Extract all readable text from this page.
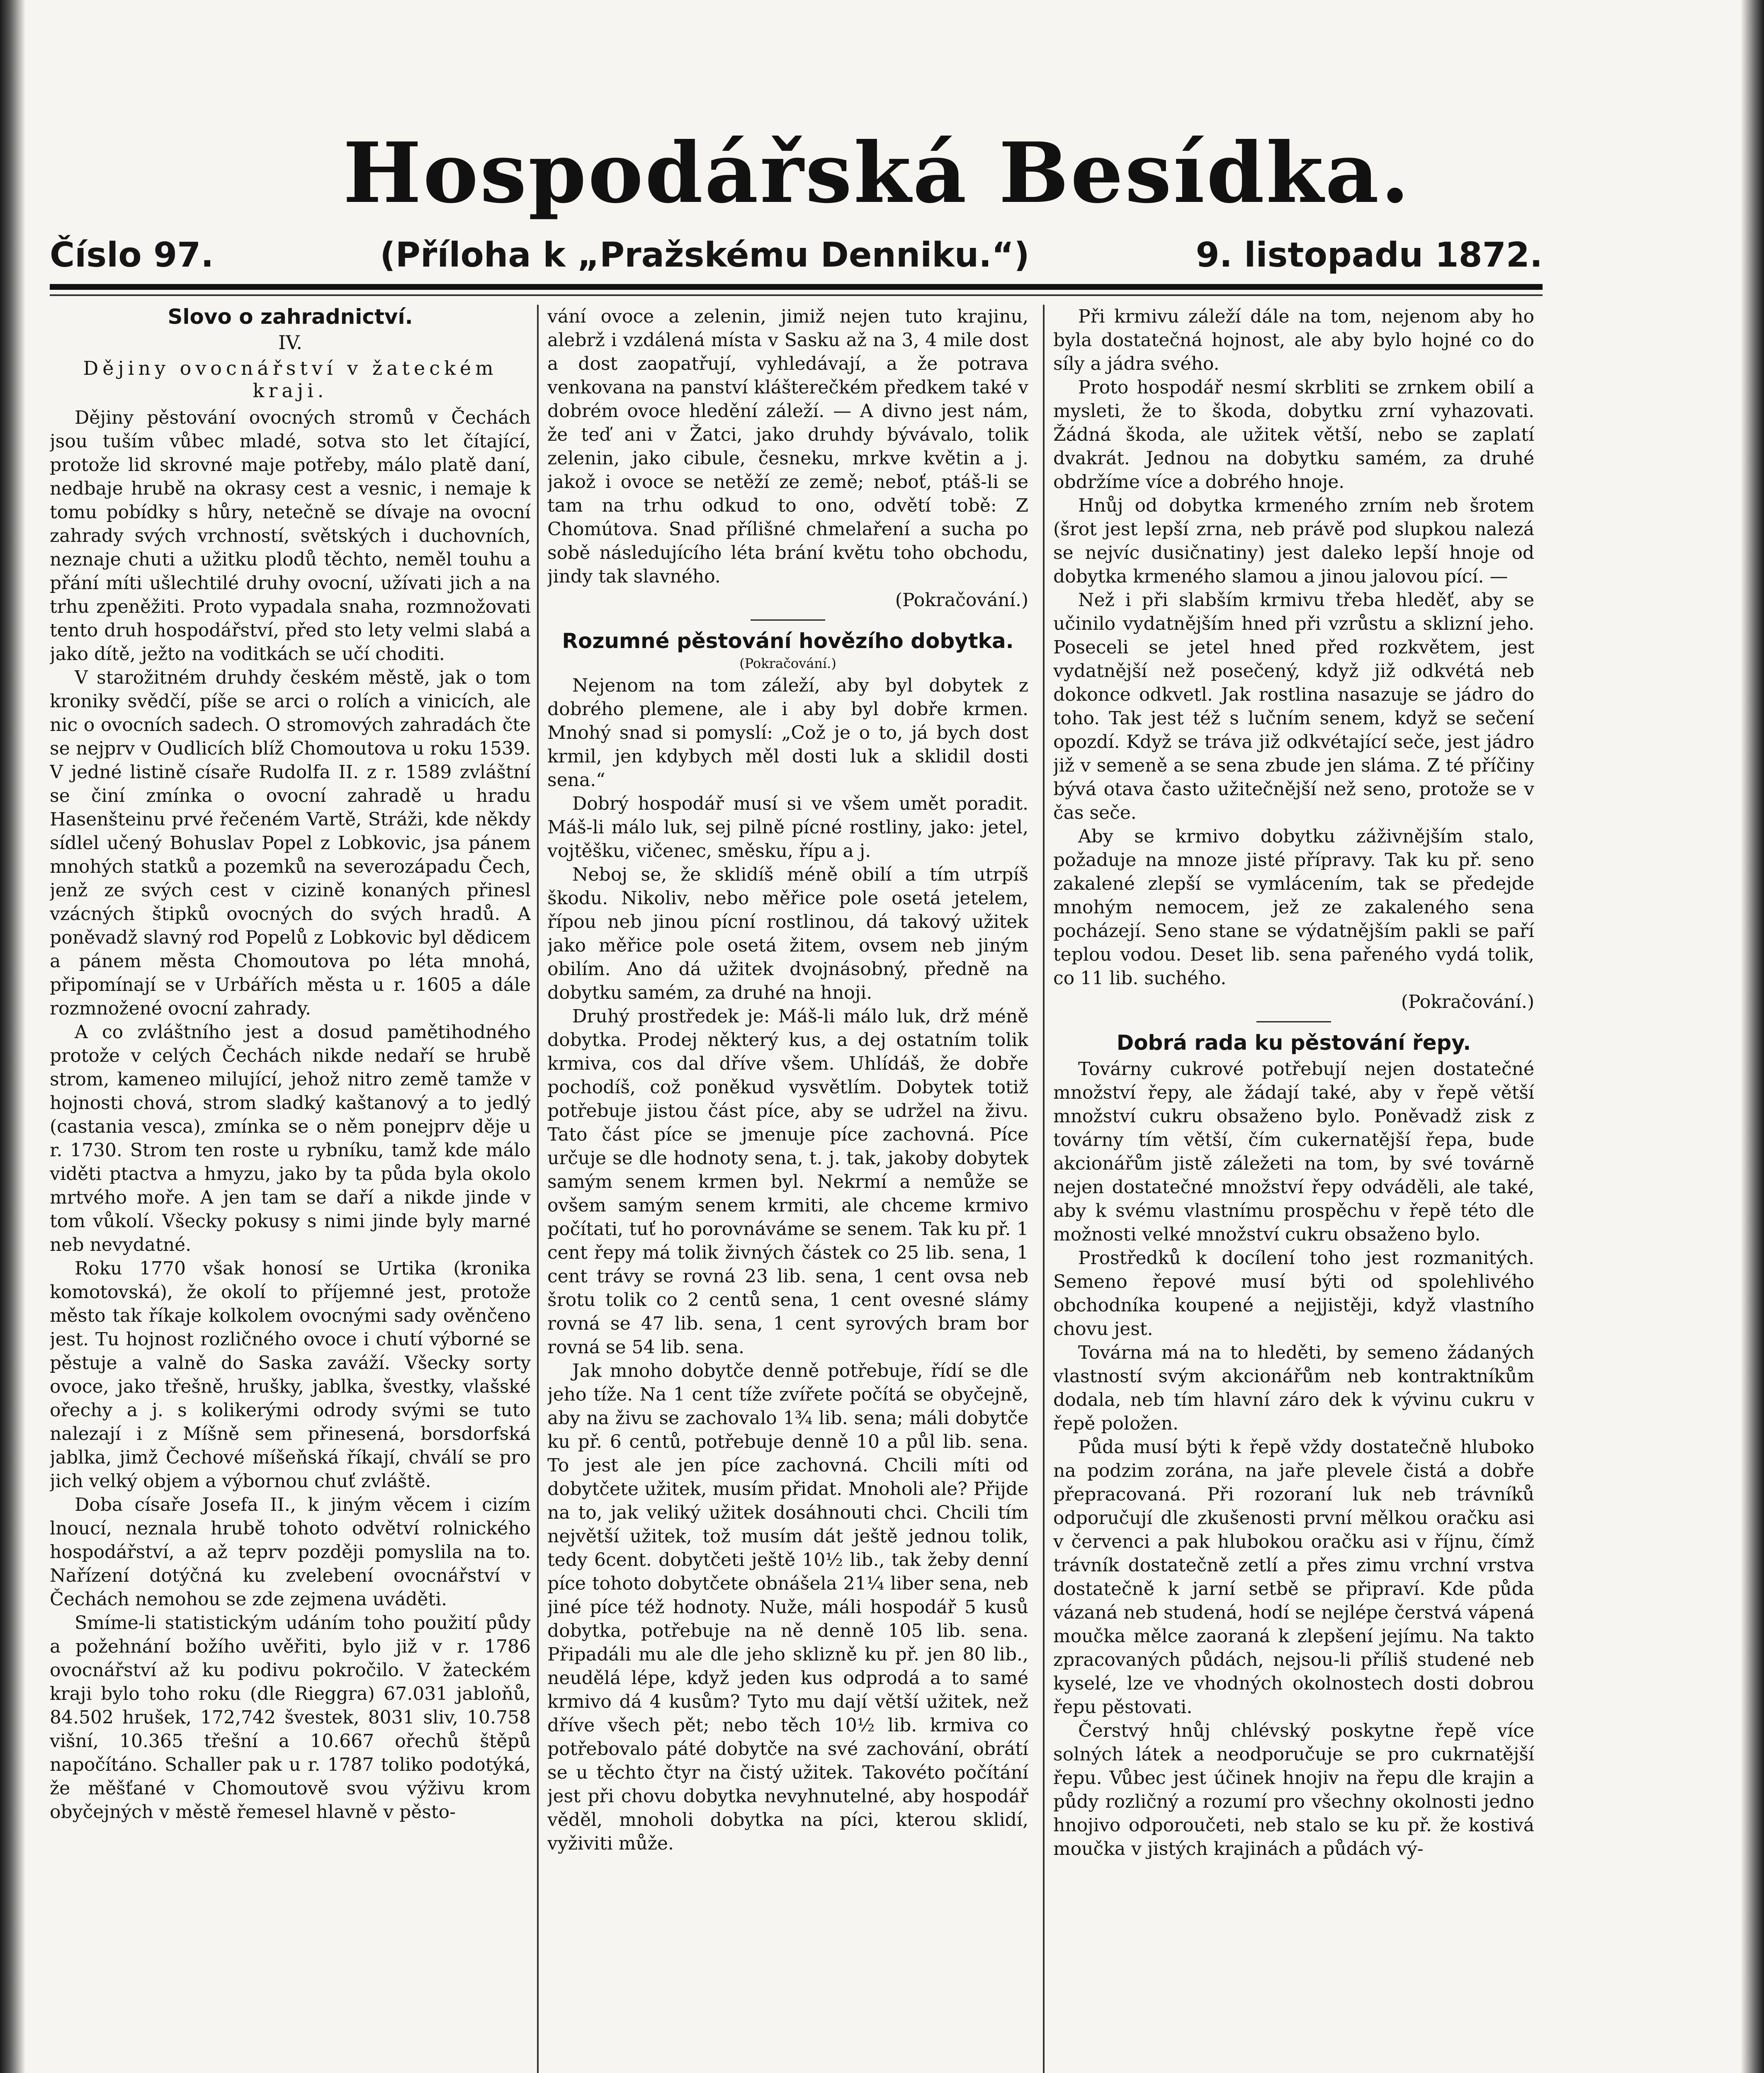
Hospodářská Besídka.
Číslo 97.	(Příloha k „Pražskému Denniku.“)	9. listopadu 1872.
Slovo o zahradnictví.
IV.
Dějiny ovocnářství v žateckém kraji.

Dějiny pěstování ovocných stromů v Čechách jsou tuším vůbec mladé, sotva sto let čítající, protože lid skrovné maje potřeby, málo platě daní, nedbaje hrubě na okrasy cest a vesnic, i nemaje k tomu pobídky s hůry, netečně se dívaje na ovocní zahrady svých vrchností, světských i duchovních, neznaje chuti a užitku plodů těchto, neměl touhu a přání míti ušlechtilé druhy ovocní, užívati jich a na trhu zpeněžiti. Proto vypadala snaha, rozmnožovati tento druh hospodářství, před sto lety velmi slabá a jako dítě, ježto na voditkách se učí choditi.

V starožitném druhdy českém městě, jak o tom kroniky svědčí, píše se arci o rolích a vinicích, ale nic o ovocních sadech. O stromových zahradách čte se nejprv v Oudlicích blíž Chomoutova u roku 1539. V jedné listině císaře Rudolfa II. z r. 1589 zvláštní se činí zmínka o ovocní zahradě u hradu Hasenšteinu prvé řečeném Vartě, Stráži, kde někdy sídlel učený Bohuslav Popel z Lobkovic, jsa pánem mnohých statků a pozemků na severozápadu Čech, jenž ze svých cest v cizině konaných přinesl vzácných štipků ovocných do svých hradů. A poněvadž slavný rod Popelů z Lobkovic byl dědicem a pánem města Chomoutova po léta mnohá, připomínají se v Urbářích města u r. 1605 a dále rozmnožené ovocní zahrady.

A co zvláštního jest a dosud pamětihodného protože v celých Čechách nikde nedaří se hrubě strom, kameneo milující, jehož nitro země tamže v hojnosti chová, strom sladký kaštanový a to jedlý (castania vesca), zmínka se o něm ponejprv děje u r. 1730. Strom ten roste u rybníku, tamž kde málo viděti ptactva a hmyzu, jako by ta půda byla okolo mrtvého moře. A jen tam se daří a nikde jinde v tom vůkolí. Všecky pokusy s nimi jinde byly marné neb nevydatné.

Roku 1770 však honosí se Urtika (kronika komotovská), že okolí to příjemné jest, protože město tak říkaje kolkolem ovocnými sady ověnčeno jest. Tu hojnost rozličného ovoce i chutí výborné se pěstuje a valně do Saska zaváží. Všecky sorty ovoce, jako třešně, hrušky, jablka, švestky, vlašské ořechy a j. s kolikerými odrody svými se tuto nalezají i z Míšně sem přinesená, borsdorfská jablka, jimž Čechové míšeňská říkají, chválí se pro jich velký objem a výbornou chuť zvláště.

Doba císaře Josefa II., k jiným věcem i cizím lnoucí, neznala hrubě tohoto odvětví rolnického hospodářství, a až teprv později pomyslila na to. Nařízení dotýčná ku zvelebení ovocnářství v Čechách nemohou se zde zejmena uváděti.

Smíme-li statistickým udáním toho použití půdy a požehnání božího uvěřiti, bylo již v r. 1786 ovocnářství až ku podivu pokročilo. V žateckém kraji bylo toho roku (dle Rieggra) 67.031 jabloňů, 84.502 hrušek, 172,742 švestek, 8031 sliv, 10.758 višní, 10.365 třešní a 10.667 ořechů štěpů napočítáno. Schaller pak u r. 1787 toliko podotýká, že měšťané v Chomoutově svou výživu krom obyčejných v městě řemesel hlavně v pěsto-

vání ovoce a zelenin, jimiž nejen tuto krajinu, alebrž i vzdálená místa v Sasku až na 3, 4 mile dost a dost zaopatřují, vyhledávají, a že potrava venkovana na panství klášterečkém předkem také v dobrém ovoce hledění záleží. — A divno jest nám, že teď ani v Žatci, jako druhdy bývávalo, tolik zelenin, jako cibule, česneku, mrkve květin a j. jakož i ovoce se netěží ze země; neboť, ptáš-li se tam na trhu odkud to ono, odvětí tobě: Z Chomútova. Snad přílišné chmelaření a sucha po sobě následujícího léta brání květu toho obchodu, jindy tak slavného.

(Pokračování.)
Rozumné pěstování hovězího dobytka.
(Pokračování.)

Nejenom na tom záleží, aby byl dobytek z dobrého plemene, ale i aby byl dobře krmen. Mnohý snad si pomyslí: „Což je o to, já bych dost krmil, jen kdybych měl dosti luk a sklidil dosti sena.“

Dobrý hospodář musí si ve všem umět poradit. Máš-li málo luk, sej pilně pícné rostliny, jako: jetel, vojtěšku, vičenec, směsku, řípu a j.

Neboj se, že sklidíš méně obilí a tím utrpíš škodu. Nikoliv, nebo měřice pole osetá jetelem, řípou neb jinou pícní rostlinou, dá takový užitek jako měřice pole osetá žitem, ovsem neb jiným obilím. Ano dá užitek dvojnásobný, předně na dobytku samém, za druhé na hnoji.

Druhý prostředek je: Máš-li málo luk, drž méně dobytka. Prodej některý kus, a dej ostatním tolik krmiva, cos dal dříve všem. Uhlídáš, že dobře pochodíš, což poněkud vysvětlím. Dobytek totiž potřebuje jistou část píce, aby se udržel na živu. Tato část píce se jmenuje píce zachovná. Píce určuje se dle hodnoty sena, t. j. tak, jakoby dobytek samým senem krmen byl. Nekrmí a nemůže se ovšem samým senem krmiti, ale chceme krmivo počítati, tuť ho porovnáváme se senem. Tak ku př. 1 cent řepy má tolik živných částek co 25 lib. sena, 1 cent trávy se rovná 23 lib. sena, 1 cent ovsa neb šrotu tolik co 2 centů sena, 1 cent ovesné slámy rovná se 47 lib. sena, 1 cent syrových bram bor rovná se 54 lib. sena.

Jak mnoho dobytče denně potřebuje, řídí se dle jeho tíže. Na 1 cent tíže zvířete počítá se obyčejně, aby na živu se zachovalo 1¾ lib. sena; máli dobytče ku př. 6 centů, potřebuje denně 10 a půl lib. sena. To jest ale jen píce zachovná. Chcili míti od dobytčete užitek, musím přidat. Mnoholi ale? Přijde na to, jak veliký užitek dosáhnouti chci. Chcili tím největší užitek, tož musím dát ještě jednou tolik, tedy 6cent. dobytčeti ještě 10½ lib., tak žeby denní píce tohoto dobytčete obnášela 21¼ liber sena, neb jiné píce též hodnoty. Nuže, máli hospodář 5 kusů dobytka, potřebuje na ně denně 105 lib. sena. Připadáli mu ale dle jeho sklizně ku př. jen 80 lib., neudělá lépe, když jeden kus odprodá a to samé krmivo dá 4 kusům? Tyto mu dají větší užitek, než dříve všech pět; nebo těch 10½ lib. krmiva co potřebovalo páté dobytče na své zachování, obrátí se u těchto čtyr na čistý užitek. Takovéto počítání jest při chovu dobytka nevyhnutelné, aby hospodář věděl, mnoholi dobytka na píci, kterou sklidí, vyživiti může.

Při krmivu záleží dále na tom, nejenom aby ho byla dostatečná hojnost, ale aby bylo hojné co do síly a jádra svého.

Proto hospodář nesmí skrbliti se zrnkem obilí a mysleti, že to škoda, dobytku zrní vyhazovati. Žádná škoda, ale užitek větší, nebo se zaplatí dvakrát. Jednou na dobytku samém, za druhé obdržíme více a dobrého hnoje.

Hnůj od dobytka krmeného zrním neb šrotem (šrot jest lepší zrna, neb právě pod slupkou nalezá se nejvíc dusičnatiny) jest daleko lepší hnoje od dobytka krmeného slamou a jinou jalovou pící. —

Než i při slabším krmivu třeba hleděť, aby se učinilo vydatnějším hned při vzrůstu a sklizní jeho. Poseceli se jetel hned před rozkvětem, jest vydatnější než posečený, když již odkvétá neb dokonce odkvetl. Jak rostlina nasazuje se jádro do toho. Tak jest též s lučním senem, když se sečení opozdí. Když se tráva již odkvétající seče, jest jádro již v semeně a se sena zbude jen sláma. Z té příčiny bývá otava často užitečnější než seno, protože se v čas seče.

Aby se krmivo dobytku záživnějším stalo, požaduje na mnoze jisté přípravy. Tak ku př. seno zakalené zlepší se vymlácením, tak se předejde mnohým nemocem, jež ze zakaleného sena pocházejí. Seno stane se výdatnějším pakli se paří teplou vodou. Deset lib. sena pařeného vydá tolik, co 11 lib. suchého.

(Pokračování.)
Dobrá rada ku pěstování řepy.

Továrny cukrové potřebují nejen dostatečné množství řepy, ale žádají také, aby v řepě větší množství cukru obsaženo bylo. Poněvadž zisk z továrny tím větší, čím cukernatější řepa, bude akcionářům jistě záležeti na tom, by své továrně nejen dostatečné množství řepy odváděli, ale také, aby k svému vlastnímu prospěchu v řepě této dle možnosti velké množství cukru obsaženo bylo.

Prostředků k docílení toho jest rozmanitých. Semeno řepové musí býti od spolehlivého obchodníka koupené a nejjistěji, když vlastního chovu jest.

Továrna má na to hleděti, by semeno žádaných vlastností svým akcionářům neb kontraktníkům dodala, neb tím hlavní záro dek k vývinu cukru v řepě položen.

Půda musí býti k řepě vždy dostatečně hluboko na podzim zorána, na jaře plevele čistá a dobře přepracovaná. Při rozoraní luk neb trávníků odporučují dle zkušenosti první mělkou oračku asi v červenci a pak hlubokou oračku asi v říjnu, čímž trávník dostatečně zetlí a přes zimu vrchní vrstva dostatečně k jarní setbě se připraví. Kde půda vázaná neb studená, hodí se nejlépe čerstvá vápená moučka mělce zaoraná k zlepšení jejímu. Na takto zpracovaných půdách, nejsou-li příliš studené neb kyselé, lze ve vhodných okolnostech dosti dobrou řepu pěstovati.

Čerstvý hnůj chlévský poskytne řepě více solných látek a neodporučuje se pro cukrnatější řepu. Vůbec jest účinek hnojiv na řepu dle krajin a půdy rozličný a rozumí pro všechny okolnosti jedno hnojivo odporoučeti, neb stalo se ku př. že kostivá moučka v jistých krajinách a půdách vý-
